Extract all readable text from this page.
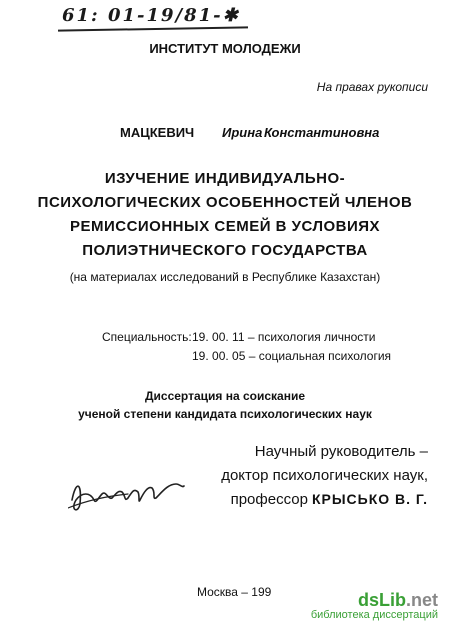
61: 01-19/81-✱
ИНСТИТУТ МОЛОДЕЖИ
На правах рукописи
МАЦКЕВИЧ Ирина Константиновна
ИЗУЧЕНИЕ ИНДИВИДУАЛЬНО-
ПСИХОЛОГИЧЕСКИХ ОСОБЕННОСТЕЙ ЧЛЕНОВ
РЕМИССИОННЫХ СЕМЕЙ В УСЛОВИЯХ
ПОЛИЭТНИЧЕСКОГО ГОСУДАРСТВА
(на материалах исследований в Республике Казахстан)
Специальность: 19. 00. 11 – психология личности
19. 00. 05 – социальная психология
Диссертация на соискание
ученой степени кандидата психологических наук
Научный руководитель –
доктор психологических наук,
профессор КРЫСЬКО В. Г.
Москва – 199	dsLib.net
библиотека диссертаций
